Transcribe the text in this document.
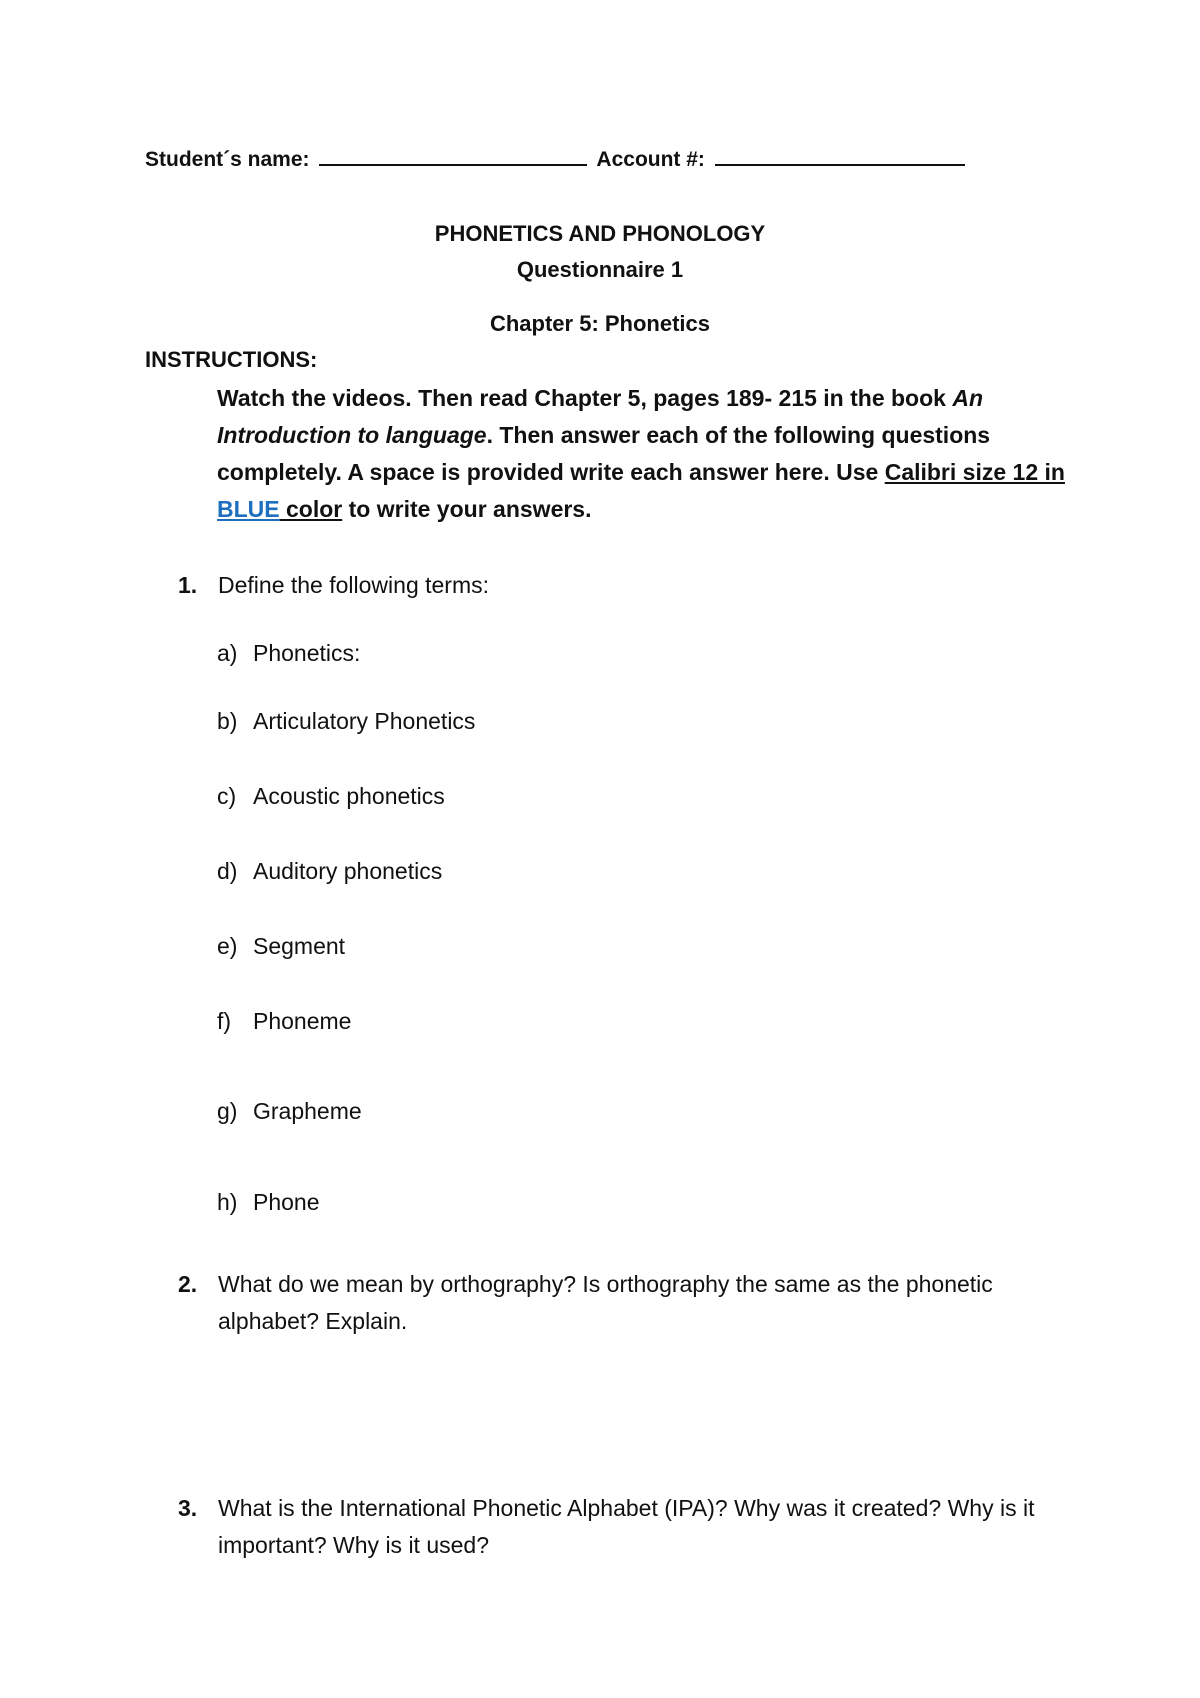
Student´s name:	Account #:
PHONETICS AND PHONOLOGY
Questionnaire 1
Chapter 5: Phonetics
INSTRUCTIONS:
Watch the videos. Then read Chapter 5, pages 189- 215 in the book An Introduction to language. Then answer each of the following questions completely. A space is provided write each answer here. Use Calibri size 12 in BLUE color to write your answers.
1. Define the following terms:
a) Phonetics:
b) Articulatory Phonetics
c) Acoustic phonetics
d) Auditory phonetics
e) Segment
f) Phoneme
g) Grapheme
h) Phone
2. What do we mean by orthography? Is orthography the same as the phonetic alphabet? Explain.
3. What is the International Phonetic Alphabet (IPA)? Why was it created? Why is it important? Why is it used?
